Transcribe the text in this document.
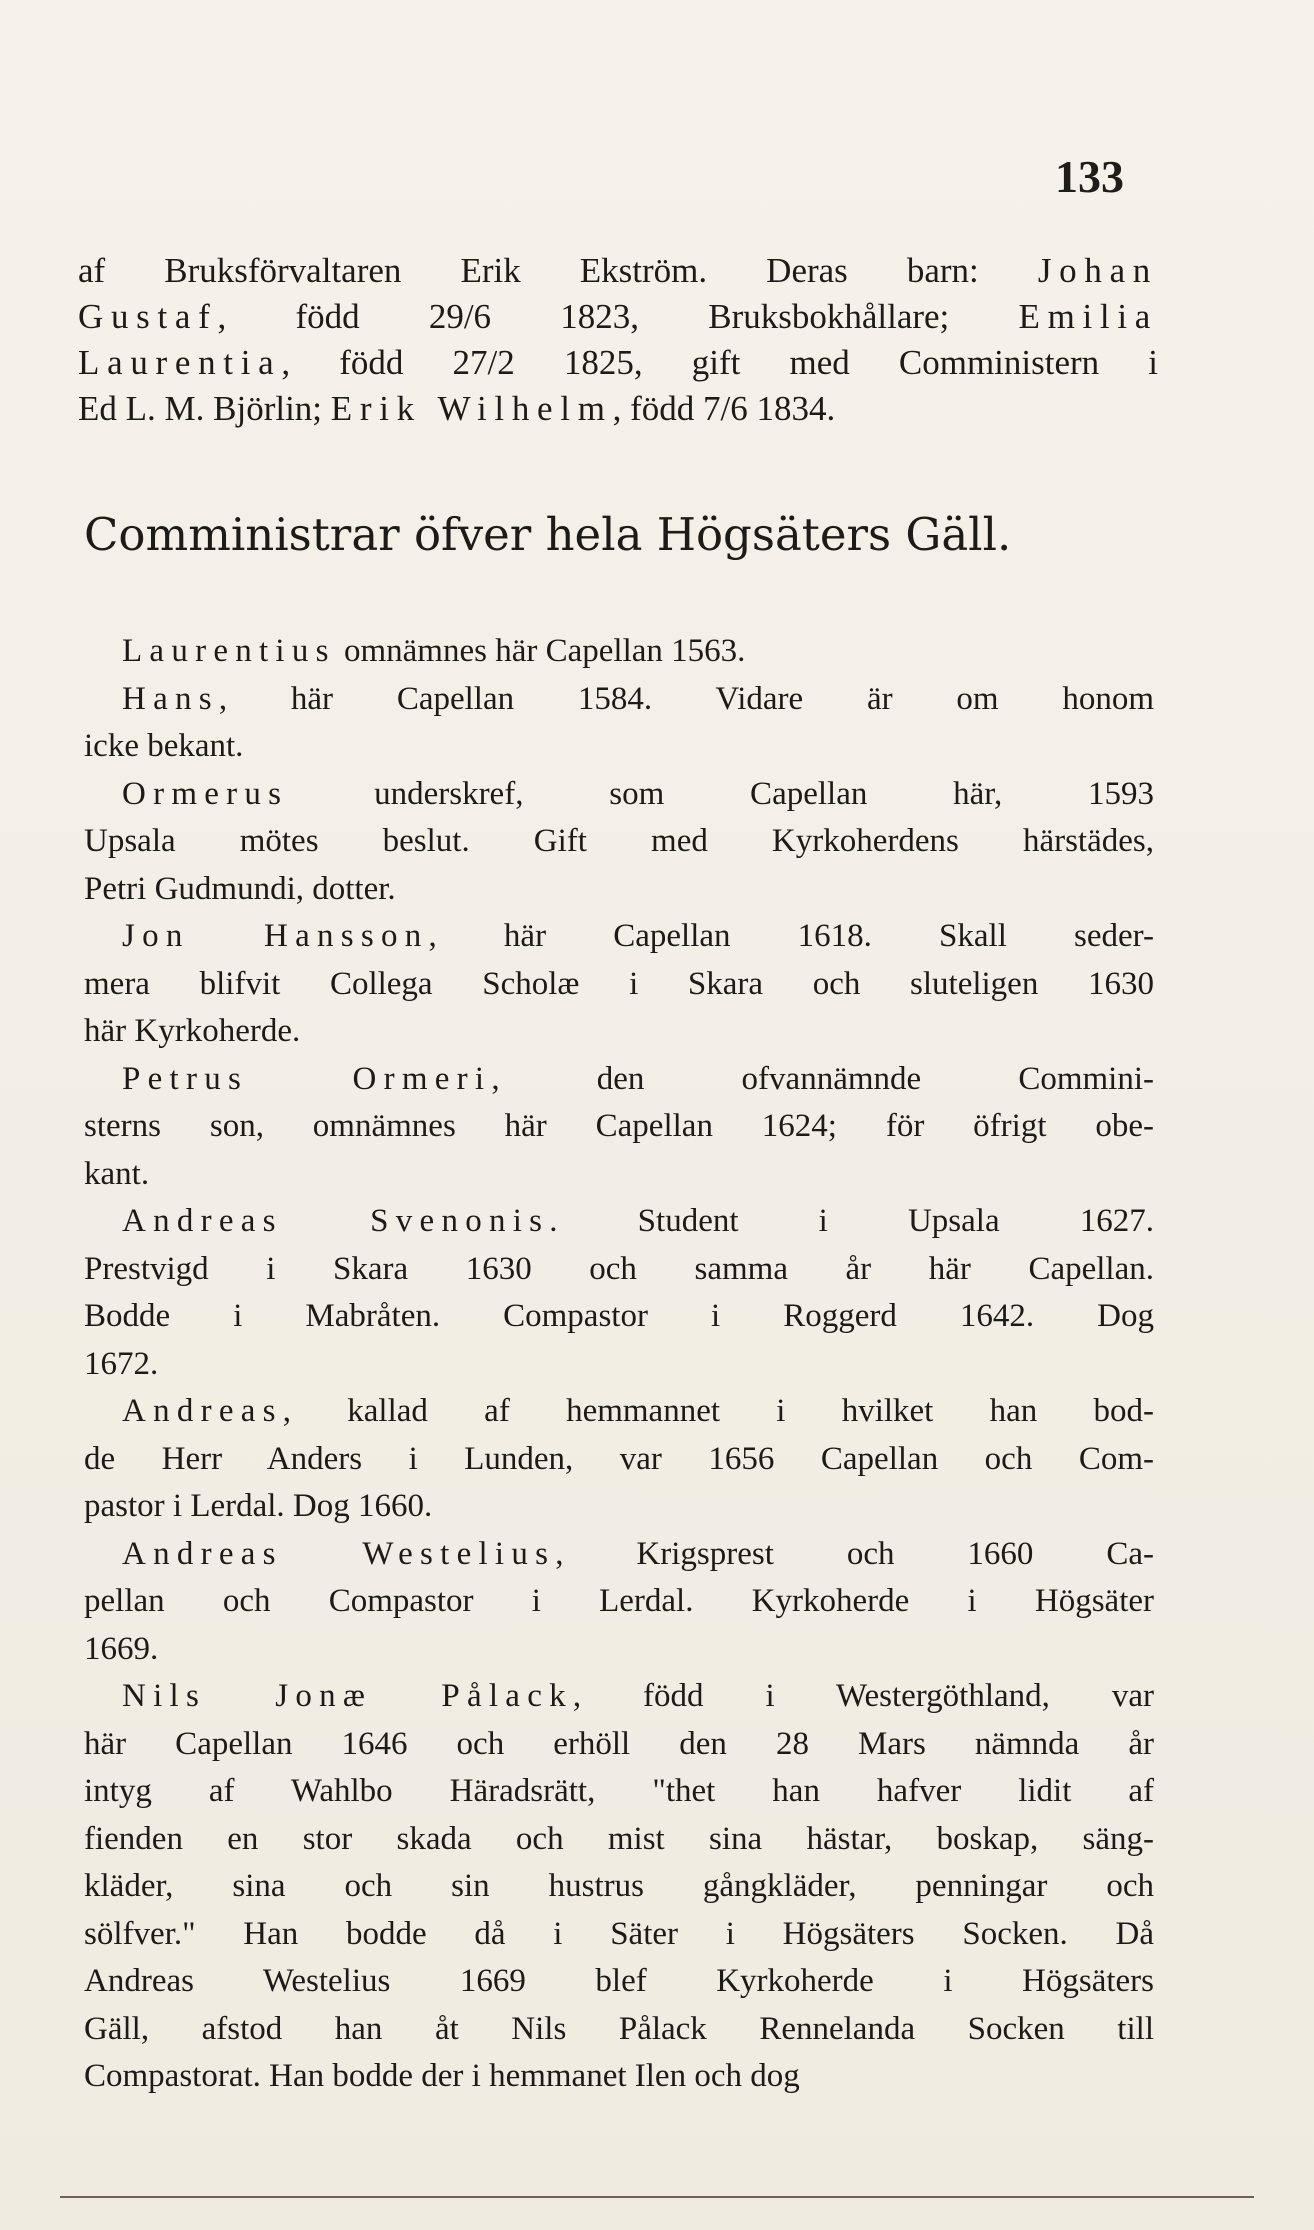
133
af Bruksförvaltaren Erik Ekström. Deras barn: Johan
Gustaf, född 29/6 1823, Bruksbokhållare; Emilia
Laurentia, född 27/2 1825, gift med Comministern i
Ed L. M. Björlin; Erik Wilhelm, född 7/6 1834.
Comministrar öfver hela Högsäters Gäll.
Laurentius omnämnes här Capellan 1563.
Hans, här Capellan 1584. Vidare är om honom
icke bekant.
Ormerus underskref, som Capellan här, 1593
Upsala mötes beslut. Gift med Kyrkoherdens härstädes,
Petri Gudmundi, dotter.
Jon Hansson, här Capellan 1618. Skall seder-
mera blifvit Collega Scholæ i Skara och sluteligen 1630
här Kyrkoherde.
Petrus Ormeri, den ofvannämnde Commini-
sterns son, omnämnes här Capellan 1624; för öfrigt obe-
kant.
Andreas Svenonis. Student i Upsala 1627.
Prestvigd i Skara 1630 och samma år här Capellan.
Bodde i Mabråten. Compastor i Roggerd 1642. Dog
1672.
Andreas, kallad af hemmannet i hvilket han bod-
de Herr Anders i Lunden, var 1656 Capellan och Com-
pastor i Lerdal. Dog 1660.
Andreas Westelius, Krigsprest och 1660 Ca-
pellan och Compastor i Lerdal. Kyrkoherde i Högsäter
1669.
Nils Jonæ Pålack, född i Westergöthland, var
här Capellan 1646 och erhöll den 28 Mars nämnda år
intyg af Wahlbo Häradsrätt, "thet han hafver lidit af
fienden en stor skada och mist sina hästar, boskap, säng-
kläder, sina och sin hustrus gångkläder, penningar och
sölfver." Han bodde då i Säter i Högsäters Socken. Då
Andreas Westelius 1669 blef Kyrkoherde i Högsäters
Gäll, afstod han åt Nils Pålack Rennelanda Socken till
Compastorat. Han bodde der i hemmanet Ilen och dog
